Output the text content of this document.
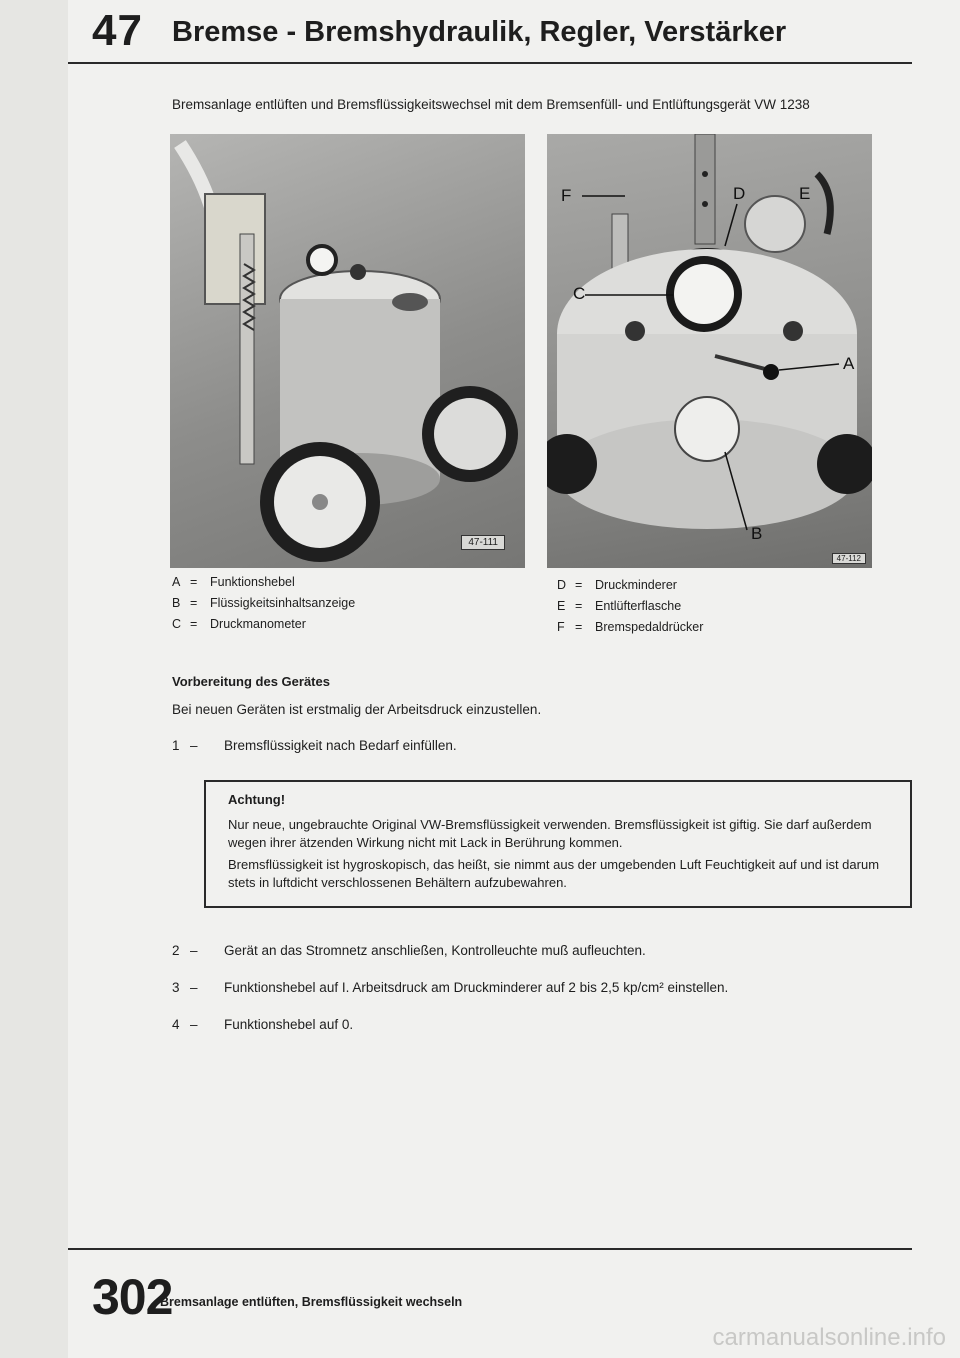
47 Bremse - Bremshydraulik, Regler, Verstärker
Bremsanlage entlüften und Bremsflüssigkeitswechsel mit dem Bremsenfüll- und Entlüftungsgerät VW 1238
47-111
F	D	E
C
A
B
47-112
A =	Funktionshebel
B =	Flüssigkeitsinhaltsanzeige
C =	Druckmanometer
D =	Druckminderer
E =	Entlüfterflasche
F =	Bremspedaldrücker
Vorbereitung des Gerätes
Bei neuen Geräten ist erstmalig der Arbeitsdruck einzustellen.
1 –	Bremsflüssigkeit nach Bedarf einfüllen.
Achtung!
Nur neue, ungebrauchte Original VW-Bremsflüssigkeit verwenden. Bremsflüssigkeit ist giftig. Sie darf außerdem wegen ihrer ätzenden Wirkung nicht mit Lack in Berührung kommen.
Bremsflüssigkeit ist hygroskopisch, das heißt, sie nimmt aus der umgebenden Luft Feuchtigkeit auf und ist darum stets in luftdicht verschlossenen Behältern aufzubewahren.
2 –	Gerät an das Stromnetz anschließen, Kontrolleuchte muß aufleuchten.
3 –	Funktionshebel auf I. Arbeitsdruck am Druckminderer auf 2 bis 2,5 kp/cm² einstellen.
4 –	Funktionshebel auf 0.
302
Bremsanlage entlüften, Bremsflüssigkeit wechseln
carmanualsonline.info
